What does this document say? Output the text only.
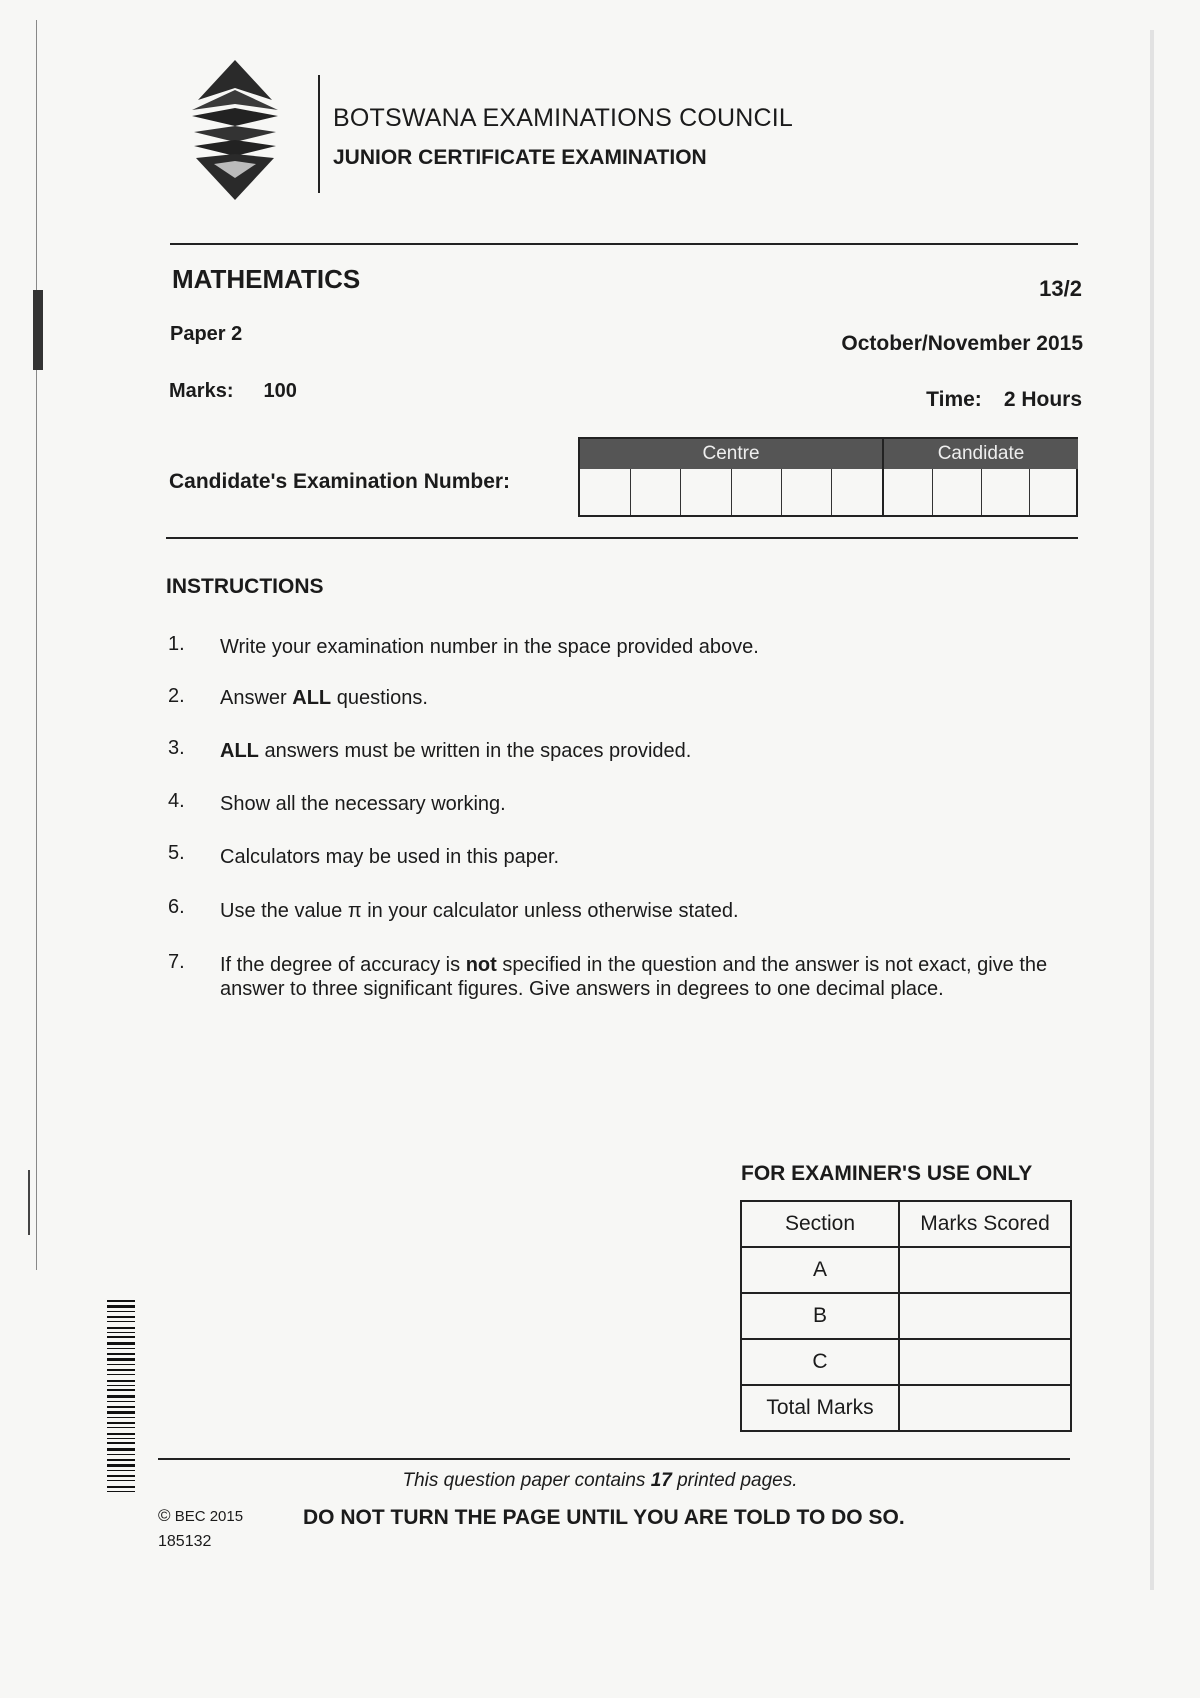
BOTSWANA EXAMINATIONS COUNCIL
JUNIOR CERTIFICATE EXAMINATION
MATHEMATICS	13/2
Paper 2	October/November 2015
Marks: 100	Time: 2 Hours
Candidate's Examination Number:
Centre	Candidate
INSTRUCTIONS
1. Write your examination number in the space provided above.
2. Answer ALL questions.
3. ALL answers must be written in the spaces provided.
4. Show all the necessary working.
5. Calculators may be used in this paper.
6. Use the value π in your calculator unless otherwise stated.
7. If the degree of accuracy is not specified in the question and the answer is not exact, give the answer to three significant figures. Give answers in degrees to one decimal place.
FOR EXAMINER'S USE ONLY
Section	Marks Scored
A	
B	
C	
Total Marks	
This question paper contains 17 printed pages.
© BEC 2015
185132
DO NOT TURN THE PAGE UNTIL YOU ARE TOLD TO DO SO.
